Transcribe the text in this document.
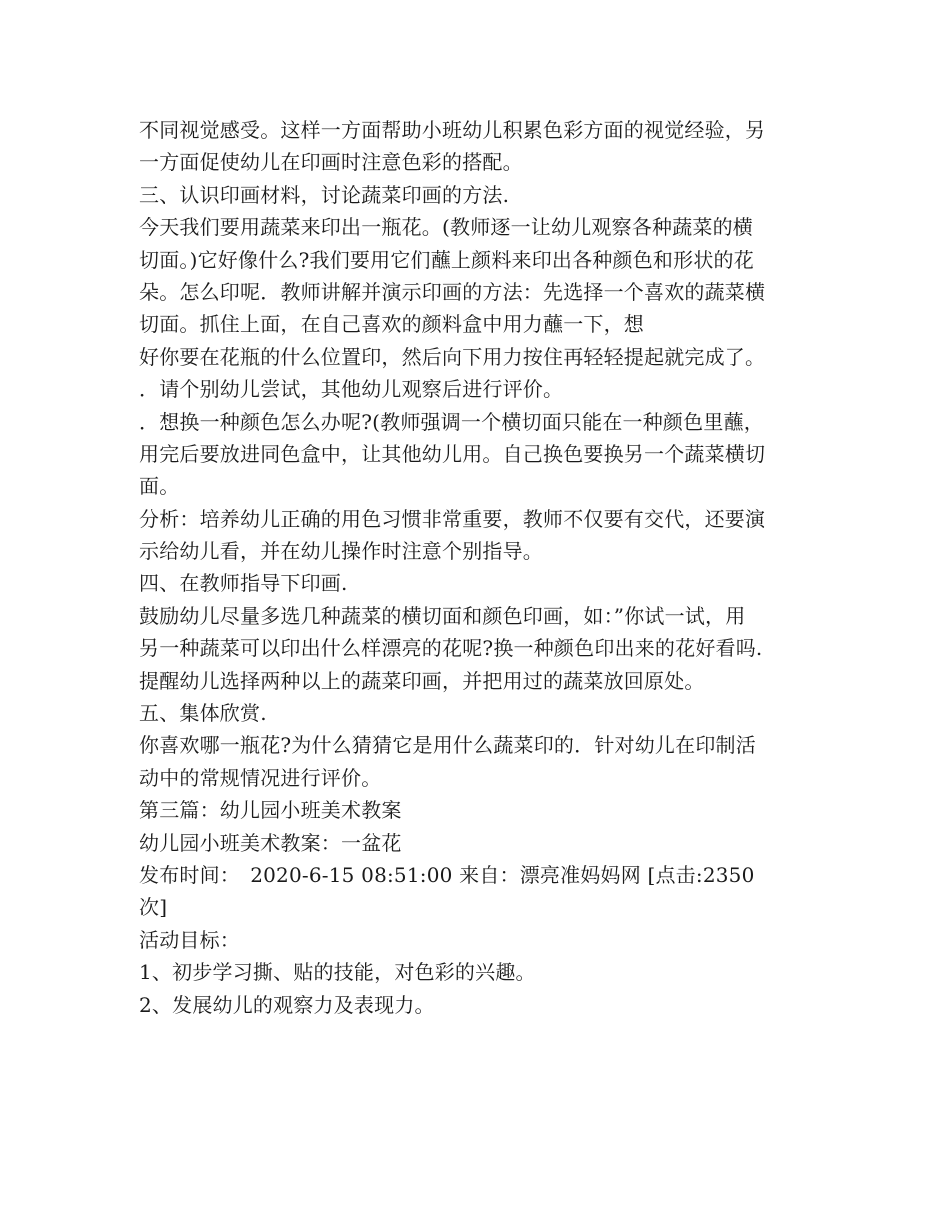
不同视觉感受。这样一方面帮助小班幼儿积累色彩方面的视觉经验，另
一方面促使幼儿在印画时注意色彩的搭配。
三、认识印画材料，讨论蔬菜印画的方法.
今天我们要用蔬菜来印出一瓶花。(教师逐一让幼儿观察各种蔬菜的横
切面。)它好像什么?我们要用它们蘸上颜料来印出各种颜色和形状的花
朵。怎么印呢．教师讲解并演示印画的方法：先选择一个喜欢的蔬菜横
切面。抓住上面，在自己喜欢的颜料盒中用力蘸一下，想
好你要在花瓶的什么位置印，然后向下用力按住再轻轻提起就完成了。
．请个别幼儿尝试，其他幼儿观察后进行评价。
．想换一种颜色怎么办呢?(教师强调一个横切面只能在一种颜色里蘸，
用完后要放进同色盒中，让其他幼儿用。自己换色要换另一个蔬菜横切
面。
分析：培养幼儿正确的用色习惯非常重要，教师不仅要有交代，还要演
示给幼儿看，并在幼儿操作时注意个别指导。
四、在教师指导下印画.
鼓励幼儿尽量多选几种蔬菜的横切面和颜色印画，如：”你试一试，用
另一种蔬菜可以印出什么样漂亮的花呢?换一种颜色印出来的花好看吗.
提醒幼儿选择两种以上的蔬菜印画，并把用过的蔬菜放回原处。
五、集体欣赏.
你喜欢哪一瓶花?为什么猜猜它是用什么蔬菜印的．针对幼儿在印制活
动中的常规情况进行评价。
第三篇：幼儿园小班美术教案
幼儿园小班美术教案：一盆花
发布时间：　2020-6-15 08:51:00 来自：漂亮准妈妈网 [点击:2350
次]
活动目标：
1、初步学习撕、贴的技能，对色彩的兴趣。
2、发展幼儿的观察力及表现力。
